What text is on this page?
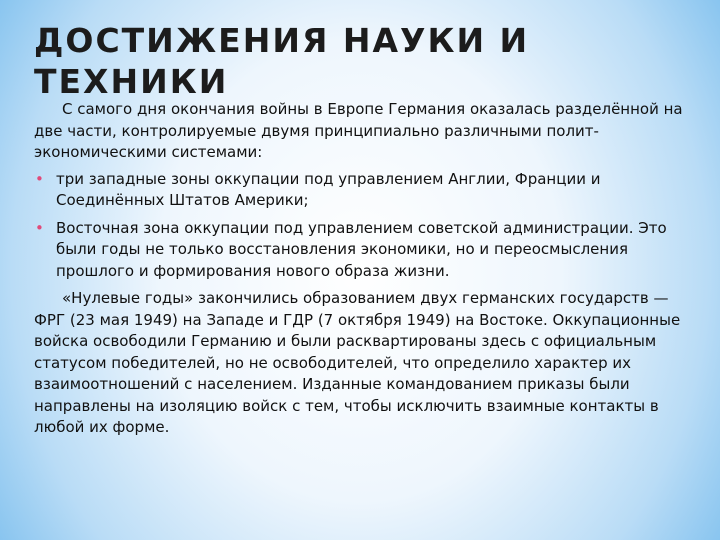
ДОСТИЖЕНИЯ НАУКИ И ТЕХНИКИ

С самого дня окончания войны в Европе Германия оказалась разделённой на две части, контролируемые двумя принципиально различными полит-экономическими системами:

• три западные зоны оккупации под управлением Англии, Франции и Соединённых Штатов Америки;
• Восточная зона оккупации под управлением советской администрации. Это были годы не только восстановления экономики, но и переосмысления прошлого и формирования нового образа жизни.

«Нулевые годы» закончились образованием двух германских государств — ФРГ (23 мая 1949) на Западе и ГДР (7 октября 1949) на Востоке. Оккупационные войска освободили Германию и были расквартированы здесь с официальным статусом победителей, но не освободителей, что определило характер их взаимоотношений с населением. Изданные командованием приказы были направлены на изоляцию войск с тем, чтобы исключить взаимные контакты в любой их форме.
